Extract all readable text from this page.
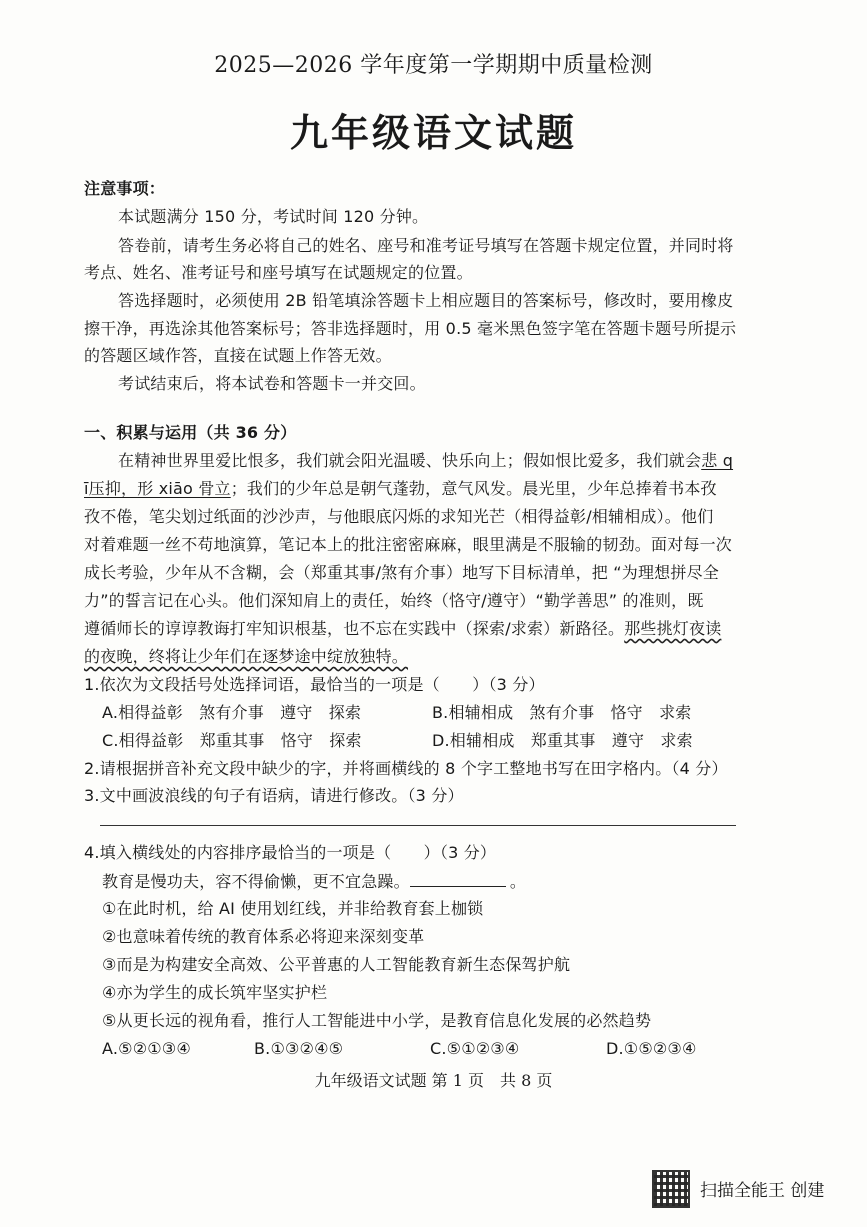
2025—2026 学年度第一学期期中质量检测
九年级语文试题
注意事项：
本试题满分 150 分，考试时间 120 分钟。
答卷前，请考生务必将自己的姓名、座号和准考证号填写在答题卡规定位置，并同时将
考点、姓名、准考证号和座号填写在试题规定的位置。
答选择题时，必须使用 2B 铅笔填涂答题卡上相应题目的答案标号，修改时，要用橡皮
擦干净，再选涂其他答案标号；答非选择题时，用 0.5 毫米黑色签字笔在答题卡题号所提示
的答题区域作答，直接在试题上作答无效。
考试结束后，将本试卷和答题卡一并交回。
一、积累与运用（共 36 分）
在精神世界里爱比恨多，我们就会阳光温暖、快乐向上；假如恨比爱多，我们就会悲 q
ī压抑，形 xiāo 骨立；我们的少年总是朝气蓬勃，意气风发。晨光里，少年总捧着书本孜
孜不倦，笔尖划过纸面的沙沙声，与他眼底闪烁的求知光芒（相得益彰/相辅相成）。他们
对着难题一丝不苟地演算，笔记本上的批注密密麻麻，眼里满是不服输的韧劲。面对每一次
成长考验，少年从不含糊，会（郑重其事/煞有介事）地写下目标清单，把 “为理想拼尽全
力”的誓言记在心头。他们深知肩上的责任，始终（恪守/遵守）“勤学善思” 的准则，既
遵循师长的谆谆教诲打牢知识根基，也不忘在实践中（探索/求索）新路径。那些挑灯夜读
的夜晚，终将让少年们在逐梦途中绽放独特。
1.依次为文段括号处选择词语，最恰当的一项是（　　）（3 分）
A.相得益彰　煞有介事　遵守　探索	B.相辅相成　煞有介事　恪守　求索
C.相得益彰　郑重其事　恪守　探索	D.相辅相成　郑重其事　遵守　求索
2.请根据拼音补充文段中缺少的字，并将画横线的 8 个字工整地书写在田字格内。（4 分）
3.文中画波浪线的句子有语病，请进行修改。（3 分）
4.填入横线处的内容排序最恰当的一项是（　　）（3 分）
教育是慢功夫，容不得偷懒，更不宜急躁。	。
①在此时机，给 AI 使用划红线，并非给教育套上枷锁
②也意味着传统的教育体系必将迎来深刻变革
③而是为构建安全高效、公平普惠的人工智能教育新生态保驾护航
④亦为学生的成长筑牢坚实护栏
⑤从更长远的视角看，推行人工智能进中小学，是教育信息化发展的必然趋势
A.⑤②①③④	B.①③②④⑤	C.⑤①②③④	D.①⑤②③④
九年级语文试题 第 1 页　共 8 页
扫描全能王 创建
